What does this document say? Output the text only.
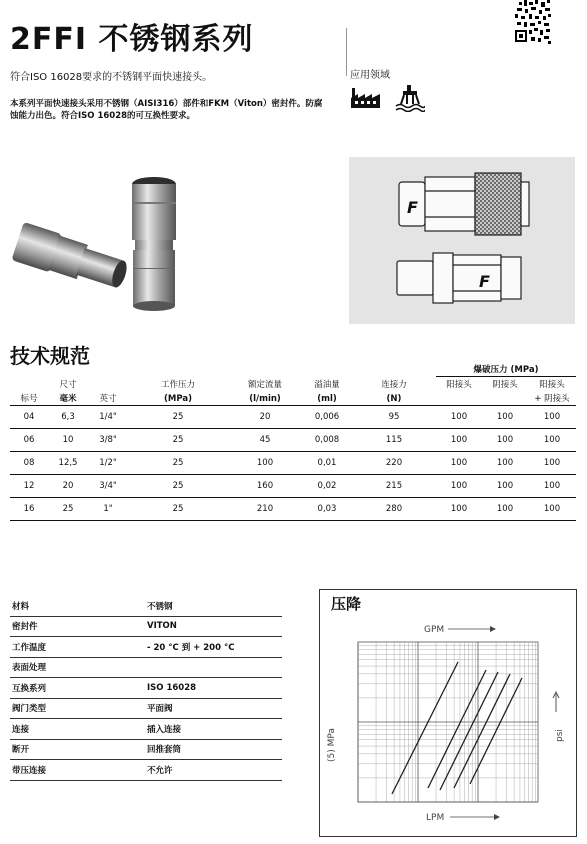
2FFI 不锈钢系列
应用领域
符合ISO 16028要求的不锈钢平面快速接头。
本系列平面快速接头采用不锈钢（AISI316）部件和FKM（Viton）密封件。防腐蚀能力出色。符合ISO 16028的可互换性要求。
F
F
技术规范
							爆破压力 (MPa)		
	尺寸		工作压力	额定流量	溢油量	连接力	阳接头	阴接头	阳接头
标号	毫米	英寸	(MPa)	(l/min)	(ml)	(N)			+ 阴接头
04	6,3	1/4"	25	20	0,006	95	100	100	100
06	10	3/8"	25	45	0,008	115	100	100	100
08	12,5	1/2"	25	100	0,01	220	100	100	100
12	20	3/4"	25	160	0,02	215	100	100	100
16	25	1"	25	210	0,03	280	100	100	100
材料	不锈钢
密封件	VITON
工作温度	- 20 °C 到 + 200 °C
表面处理	
互换系列	ISO 16028
阀门类型	平面阀
连接	插入连接
断开	回推套筒
带压连接	不允许
压降
GPM
LPM
(5) MPa	psi
